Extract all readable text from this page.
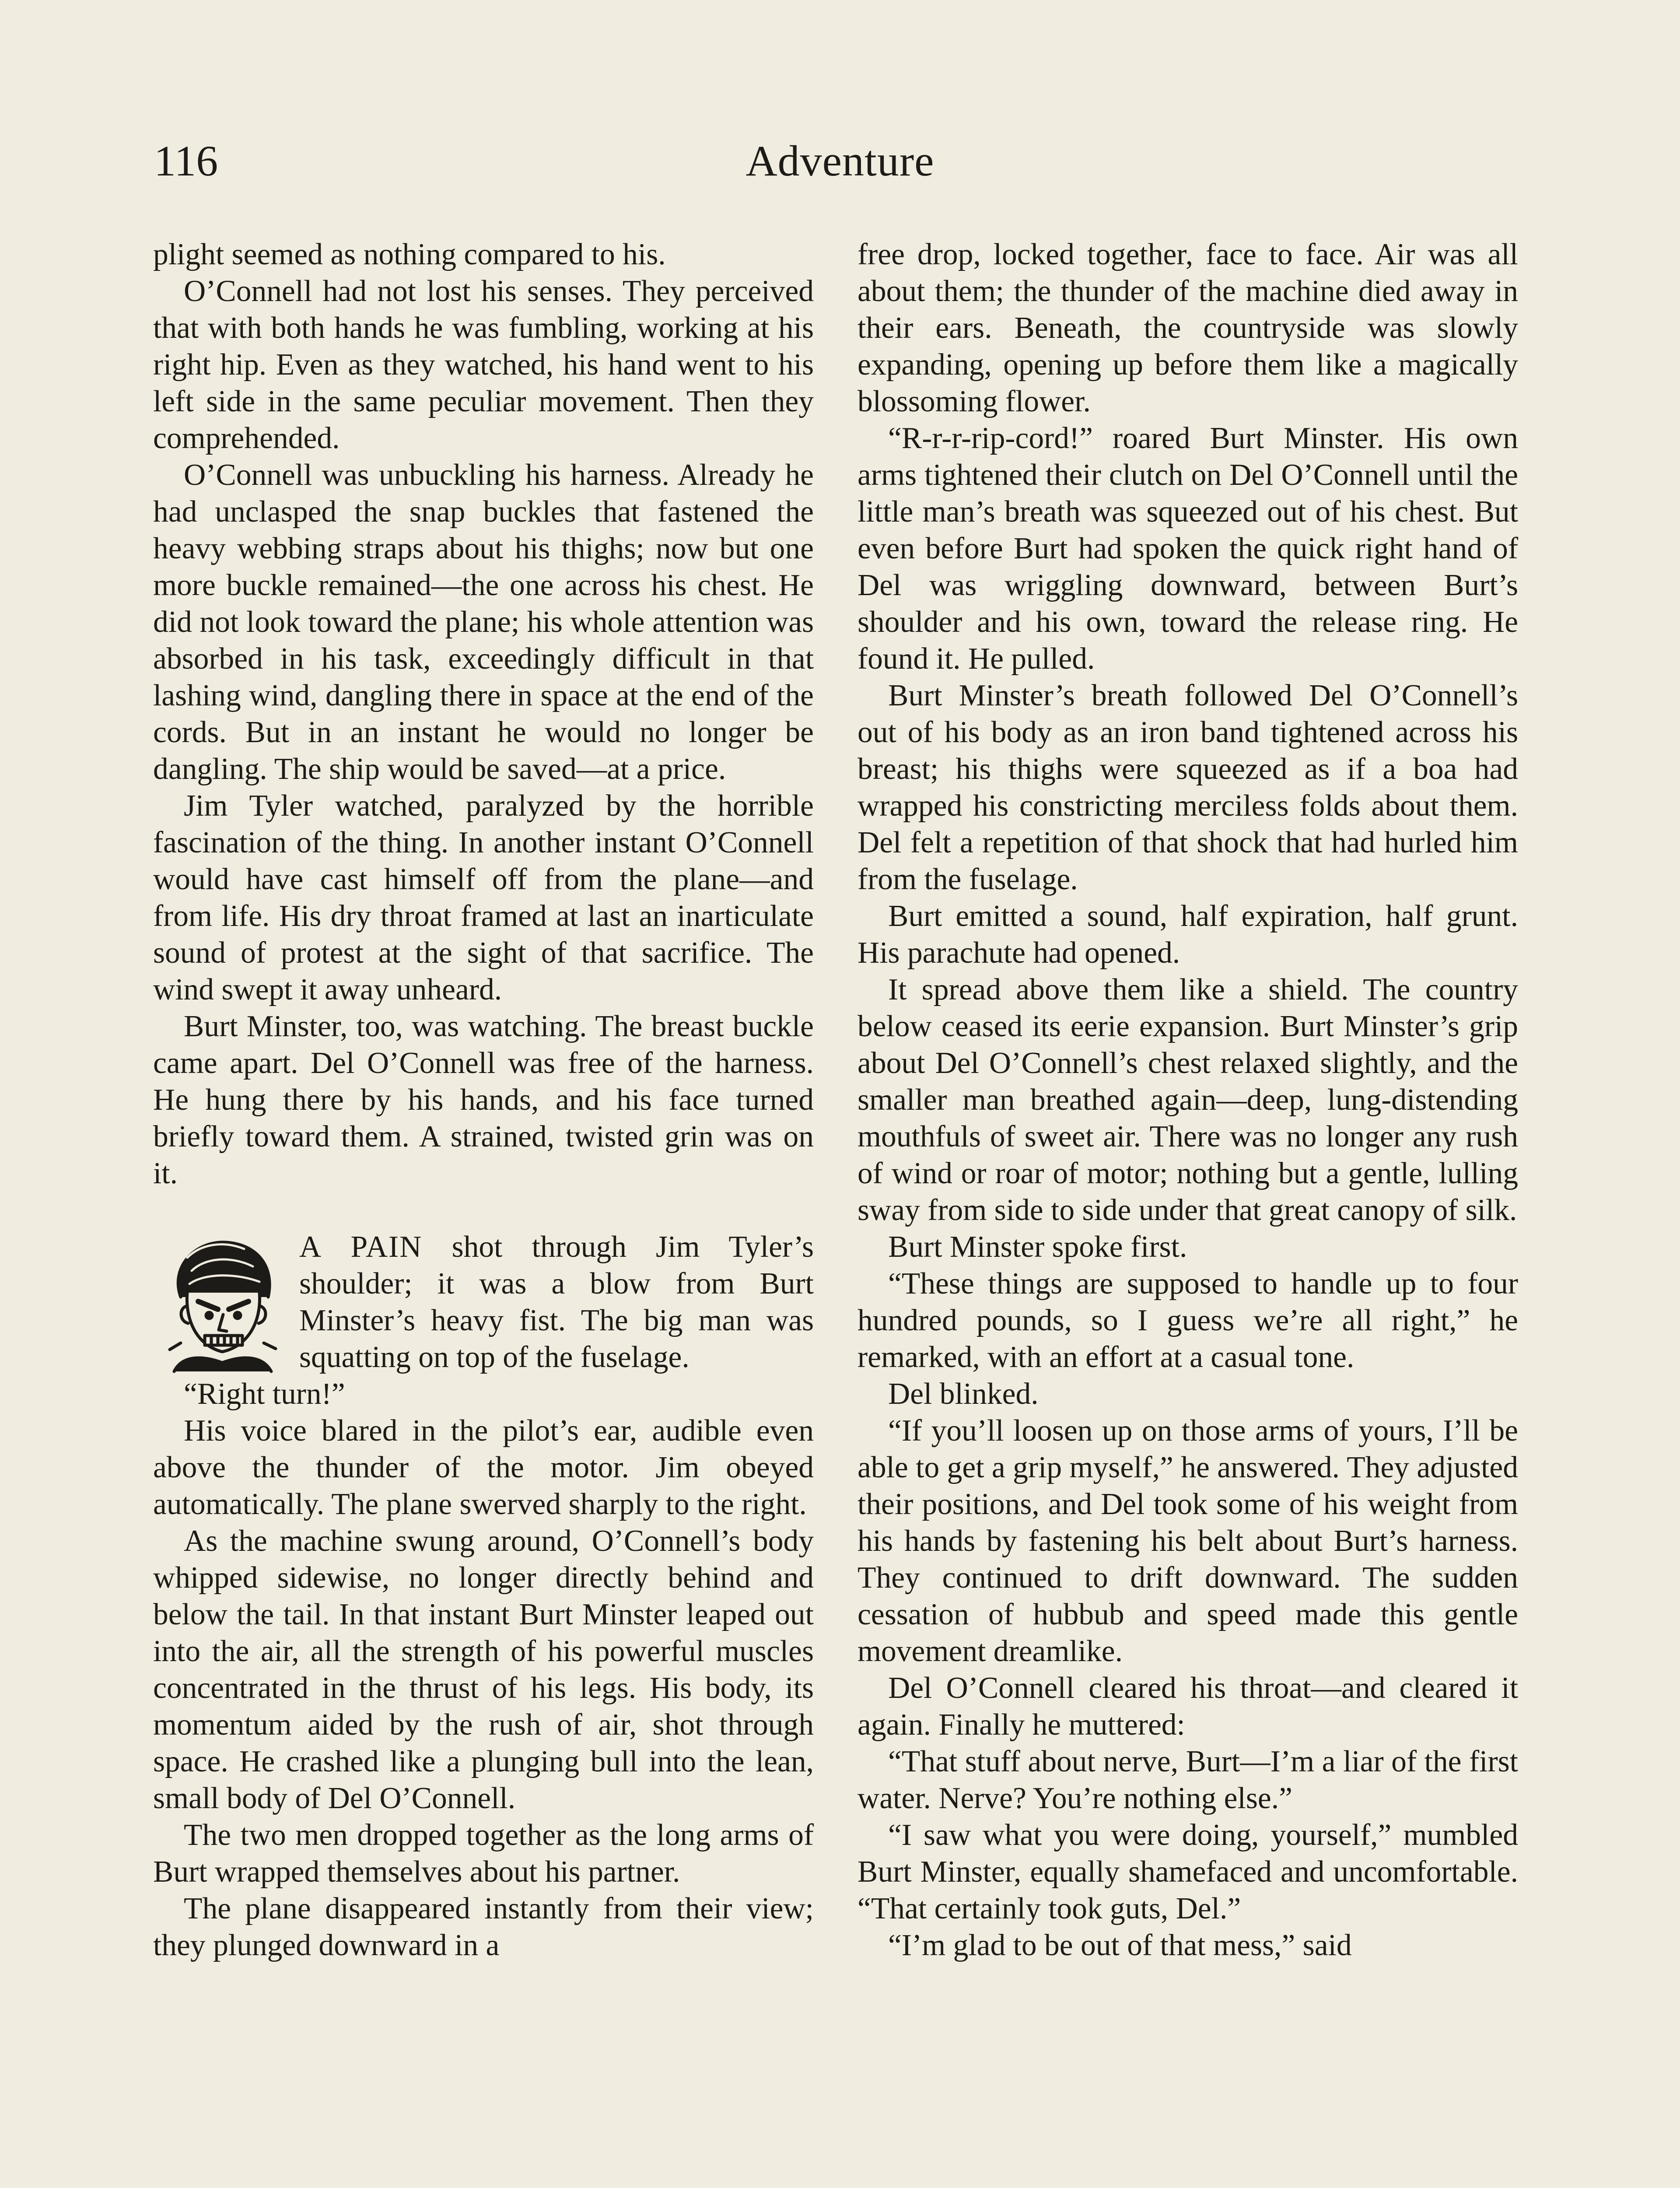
116	Adventure

plight seemed as nothing compared to his.

O’Connell had not lost his senses. They perceived that with both hands he was fumbling, working at his right hip. Even as they watched, his hand went to his left side in the same peculiar movement. Then they comprehended.

O’Connell was unbuckling his harness. Already he had unclasped the snap buckles that fastened the heavy webbing straps about his thighs; now but one more buckle remained—the one across his chest. He did not look toward the plane; his whole attention was absorbed in his task, exceedingly difficult in that lashing wind, dangling there in space at the end of the cords. But in an instant he would no longer be dangling. The ship would be saved—at a price.

Jim Tyler watched, paralyzed by the horrible fascination of the thing. In another instant O’Connell would have cast himself off from the plane—and from life. His dry throat framed at last an inarticulate sound of protest at the sight of that sacrifice. The wind swept it away unheard.

Burt Minster, too, was watching. The breast buckle came apart. Del O’Connell was free of the harness. He hung there by his hands, and his face turned briefly toward them. A strained, twisted grin was on it.

A PAIN shot through Jim Tyler’s shoulder; it was a blow from Burt Minster’s heavy fist. The big man was squatting on top of the fuselage.

“Right turn!”

His voice blared in the pilot’s ear, audible even above the thunder of the motor. Jim obeyed automatically. The plane swerved sharply to the right.

As the machine swung around, O’Connell’s body whipped sidewise, no longer directly behind and below the tail. In that instant Burt Minster leaped out into the air, all the strength of his powerful muscles concentrated in the thrust of his legs. His body, its momentum aided by the rush of air, shot through space. He crashed like a plunging bull into the lean, small body of Del O’Connell.

The two men dropped together as the long arms of Burt wrapped themselves about his partner.

The plane disappeared instantly from their view; they plunged downward in a

free drop, locked together, face to face. Air was all about them; the thunder of the machine died away in their ears. Beneath, the countryside was slowly expanding, opening up before them like a magically blossoming flower.

“R-r-r-rip-cord!” roared Burt Minster. His own arms tightened their clutch on Del O’Connell until the little man’s breath was squeezed out of his chest. But even before Burt had spoken the quick right hand of Del was wriggling downward, between Burt’s shoulder and his own, toward the release ring. He found it. He pulled.

Burt Minster’s breath followed Del O’Connell’s out of his body as an iron band tightened across his breast; his thighs were squeezed as if a boa had wrapped his constricting merciless folds about them. Del felt a repetition of that shock that had hurled him from the fuselage.

Burt emitted a sound, half expiration, half grunt. His parachute had opened.

It spread above them like a shield. The country below ceased its eerie expansion. Burt Minster’s grip about Del O’Connell’s chest relaxed slightly, and the smaller man breathed again—deep, lung-distending mouthfuls of sweet air. There was no longer any rush of wind or roar of motor; nothing but a gentle, lulling sway from side to side under that great canopy of silk.

Burt Minster spoke first.

“These things are supposed to handle up to four hundred pounds, so I guess we’re all right,” he remarked, with an effort at a casual tone.

Del blinked.

“If you’ll loosen up on those arms of yours, I’ll be able to get a grip myself,” he answered. They adjusted their positions, and Del took some of his weight from his hands by fastening his belt about Burt’s harness. They continued to drift downward. The sudden cessation of hubbub and speed made this gentle movement dreamlike.

Del O’Connell cleared his throat—and cleared it again. Finally he muttered:

“That stuff about nerve, Burt—I’m a liar of the first water. Nerve? You’re nothing else.”

“I saw what you were doing, yourself,” mumbled Burt Minster, equally shamefaced and uncomfortable. “That certainly took guts, Del.”

“I’m glad to be out of that mess,” said
